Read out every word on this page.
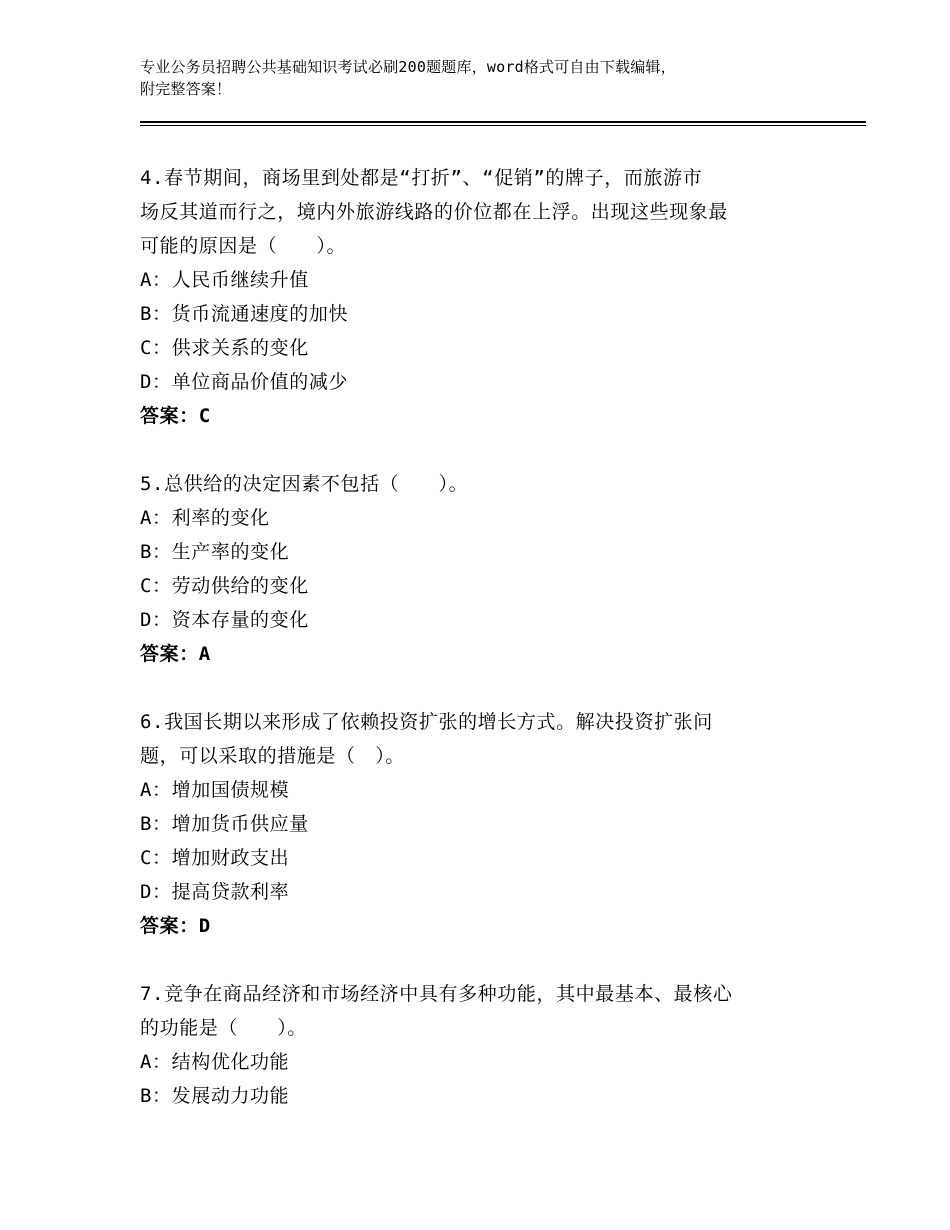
专业公务员招聘公共基础知识考试必刷200题题库，word格式可自由下载编辑，
附完整答案！
4.春节期间，商场里到处都是“打折”、“促销”的牌子，而旅游市
场反其道而行之，境内外旅游线路的价位都在上浮。出现这些现象最
可能的原因是（　　）。
A：人民币继续升值
B：货币流通速度的加快
C：供求关系的变化
D：单位商品价值的减少
答案：C
5.总供给的决定因素不包括（　　）。
A：利率的变化
B：生产率的变化
C：劳动供给的变化
D：资本存量的变化
答案：A
6.我国长期以来形成了依赖投资扩张的增长方式。解决投资扩张问
题，可以采取的措施是（　）。
A：增加国债规模
B：增加货币供应量
C：增加财政支出
D：提高贷款利率
答案：D
7.竞争在商品经济和市场经济中具有多种功能，其中最基本、最核心
的功能是（　　）。
A：结构优化功能
B：发展动力功能
